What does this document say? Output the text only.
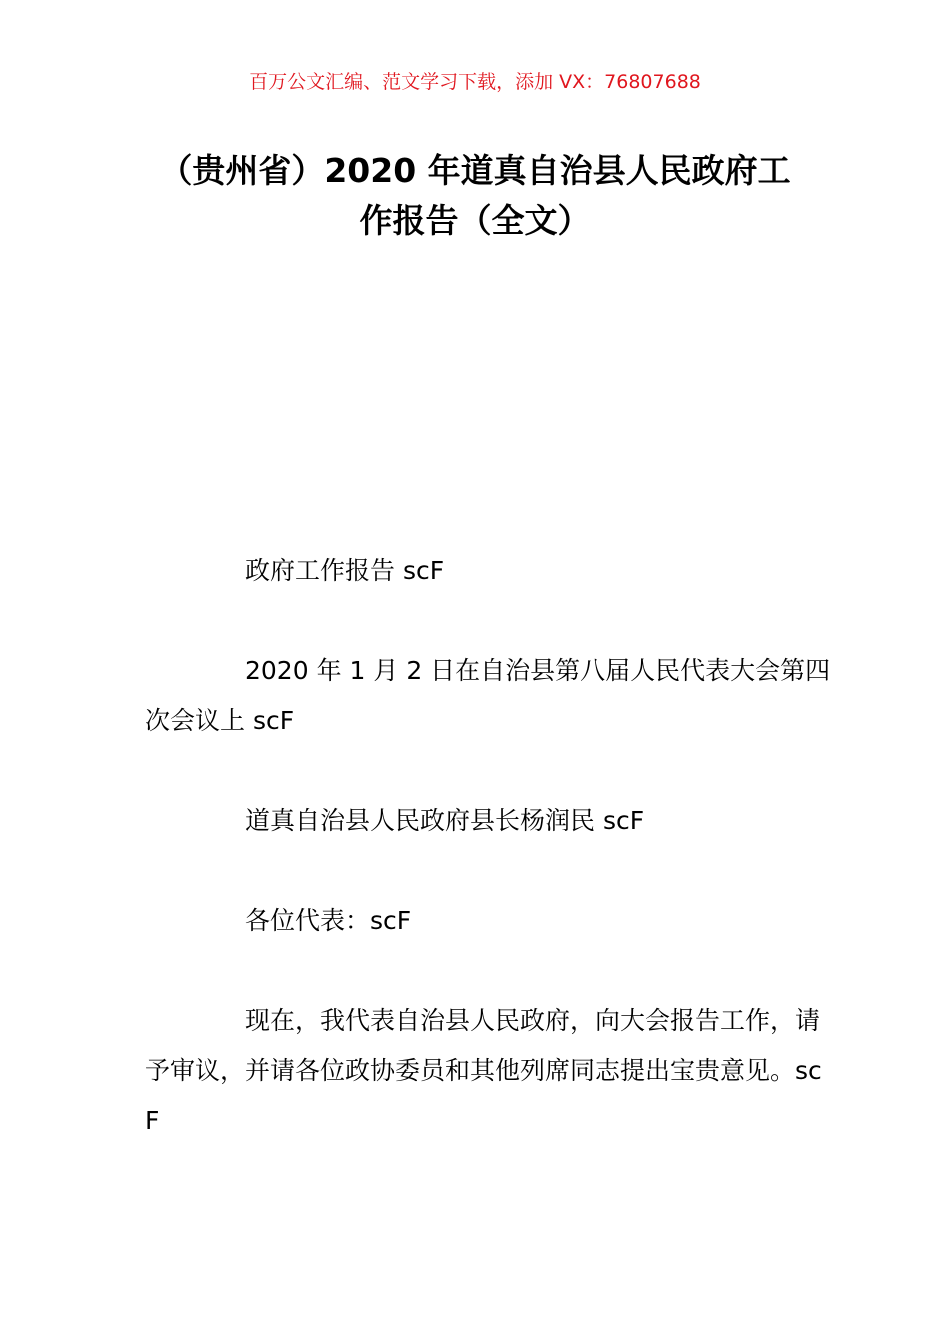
百万公文汇编、范文学习下载，添加 VX：76807688
（贵州省）2020 年道真自治县人民政府工
作报告（全文）

政府工作报告 scF

2020 年 1 月 2 日在自治县第八届人民代表大会第四次会议上 scF

道真自治县人民政府县长杨润民 scF

各位代表：scF

现在，我代表自治县人民政府，向大会报告工作，请予审议，并请各位政协委员和其他列席同志提出宝贵意见。scF
